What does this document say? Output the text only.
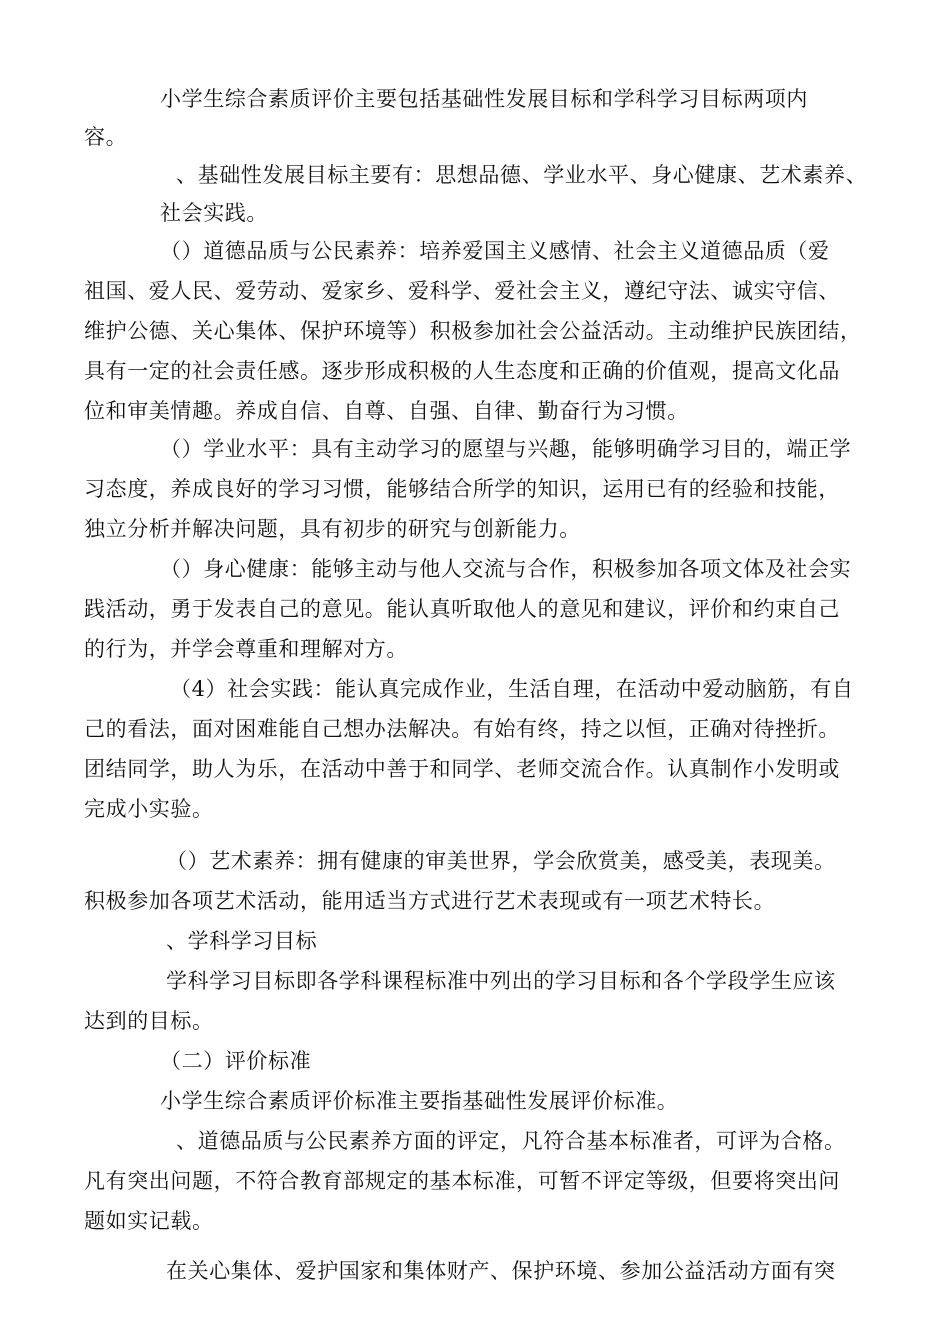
小学生综合素质评价主要包括基础性发展目标和学科学习目标两项内
容。
、基础性发展目标主要有：思想品德、学业水平、身心健康、艺术素养、
社会实践。
（）道德品质与公民素养：培养爱国主义感情、社会主义道德品质（爱
祖国、爱人民、爱劳动、爱家乡、爱科学、爱社会主义，遵纪守法、诚实守信、
维护公德、关心集体、保护环境等）积极参加社会公益活动。主动维护民族团结，
具有一定的社会责任感。逐步形成积极的人生态度和正确的价值观，提高文化品
位和审美情趣。养成自信、自尊、自强、自律、勤奋行为习惯。
（）学业水平：具有主动学习的愿望与兴趣，能够明确学习目的，端正学
习态度，养成良好的学习习惯，能够结合所学的知识，运用已有的经验和技能，
独立分析并解决问题，具有初步的研究与创新能力。
（）身心健康：能够主动与他人交流与合作，积极参加各项文体及社会实
践活动，勇于发表自己的意见。能认真听取他人的意见和建议，评价和约束自己
的行为，并学会尊重和理解对方。
（4）社会实践：能认真完成作业，生活自理，在活动中爱动脑筋，有自
己的看法，面对困难能自己想办法解决。有始有终，持之以恒，正确对待挫折。
团结同学，助人为乐，在活动中善于和同学、老师交流合作。认真制作小发明或
完成小实验。
（）艺术素养：拥有健康的审美世界，学会欣赏美，感受美，表现美。
积极参加各项艺术活动，能用适当方式进行艺术表现或有一项艺术特长。
、学科学习目标
学科学习目标即各学科课程标准中列出的学习目标和各个学段学生应该
达到的目标。
（二）评价标准
小学生综合素质评价标准主要指基础性发展评价标准。
、道德品质与公民素养方面的评定，凡符合基本标准者，可评为合格。
凡有突出问题，不符合教育部规定的基本标准，可暂不评定等级，但要将突出问
题如实记载。
在关心集体、爱护国家和集体财产、保护环境、参加公益活动方面有突
